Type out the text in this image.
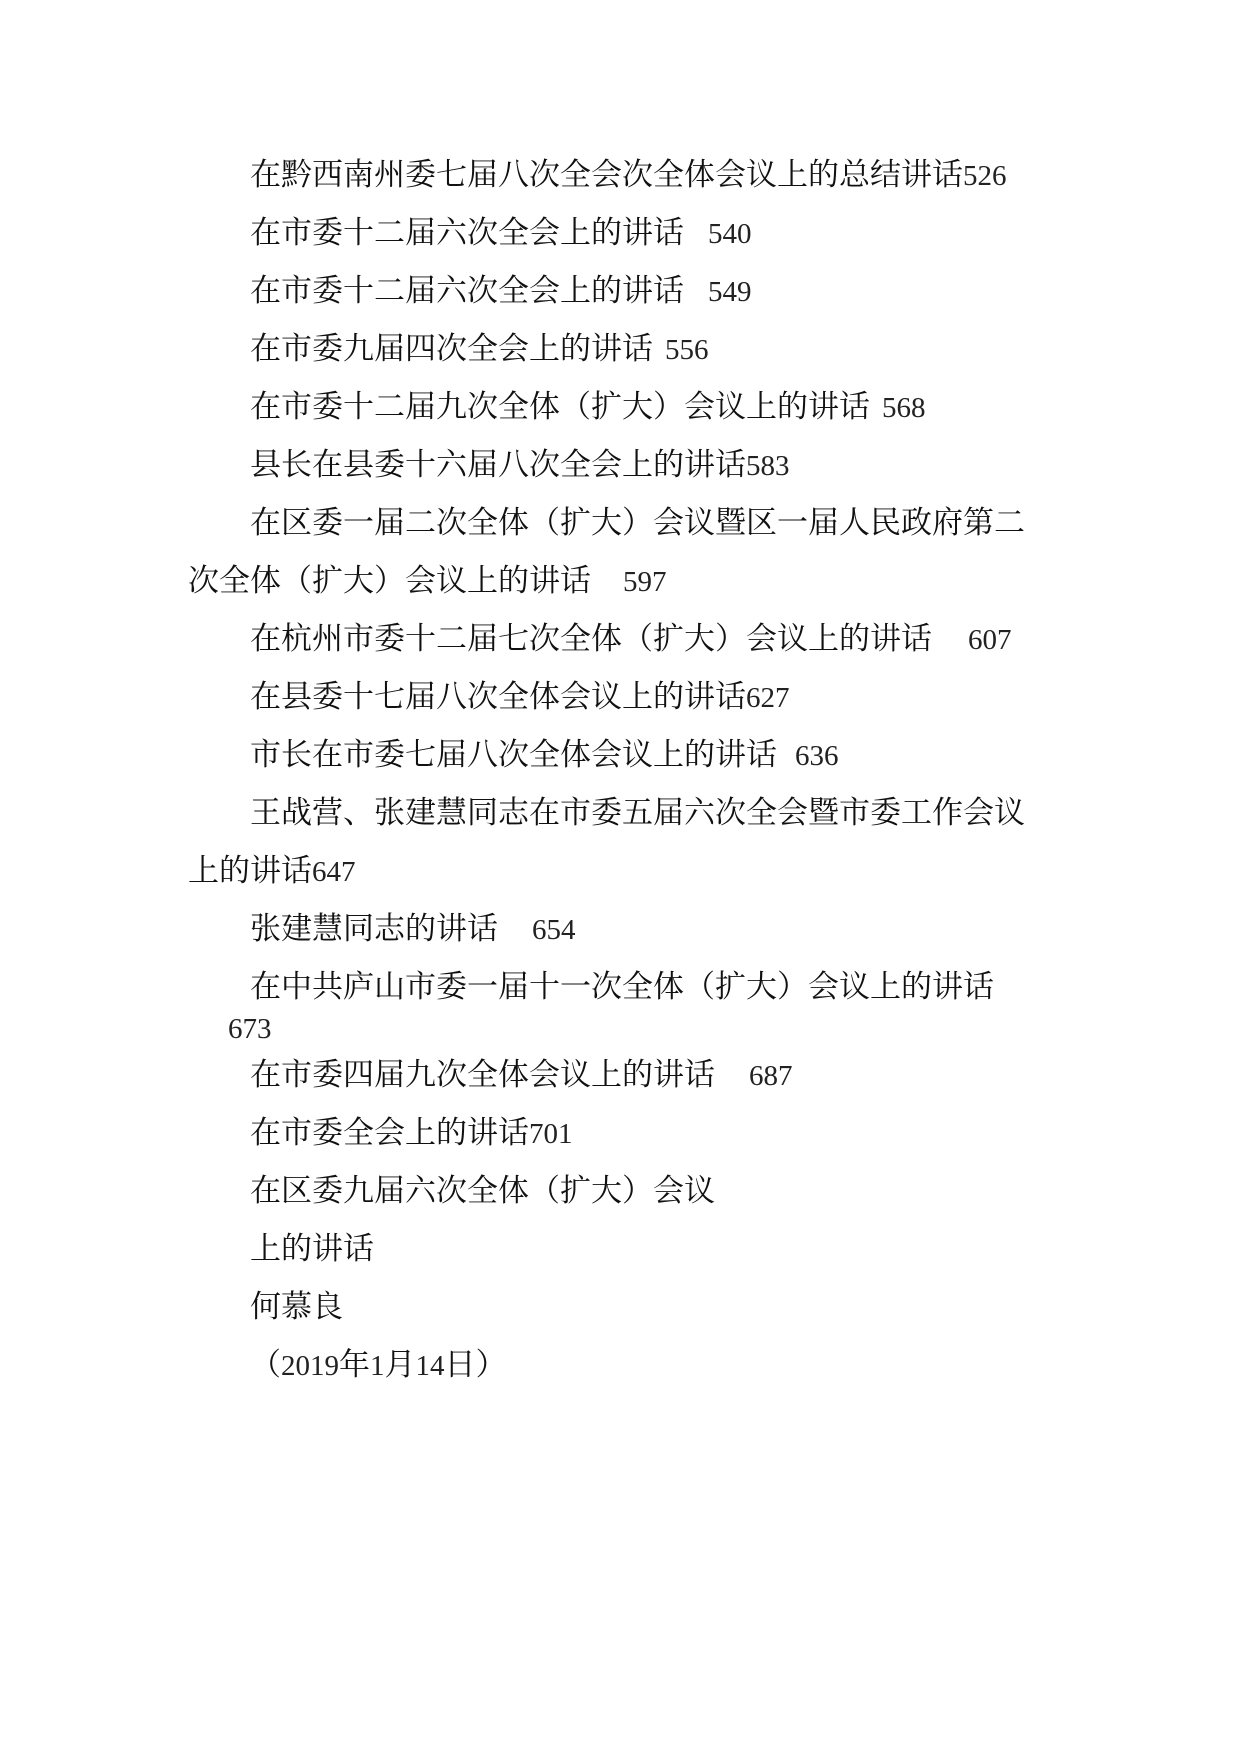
在黔西南州委七届八次全会次全体会议上的总结讲话526

在市委十二届六次全会上的讲话 540

在市委十二届六次全会上的讲话 549

在市委九届四次全会上的讲话 556

在市委十二届九次全体（扩大）会议上的讲话 568

县长在县委十六届八次全会上的讲话583

在区委一届二次全体（扩大）会议暨区一届人民政府第二

次全体（扩大）会议上的讲话 597

在杭州市委十二届七次全体（扩大）会议上的讲话 607

在县委十七届八次全体会议上的讲话627

市长在市委七届八次全体会议上的讲话 636

王战营、张建慧同志在市委五届六次全会暨市委工作会议

上的讲话647

张建慧同志的讲话 654

在中共庐山市委一届十一次全体（扩大）会议上的讲话

673

在市委四届九次全体会议上的讲话 687

在市委全会上的讲话701

在区委九届六次全体（扩大）会议

上的讲话

何慕良

（2019年1月14日）
